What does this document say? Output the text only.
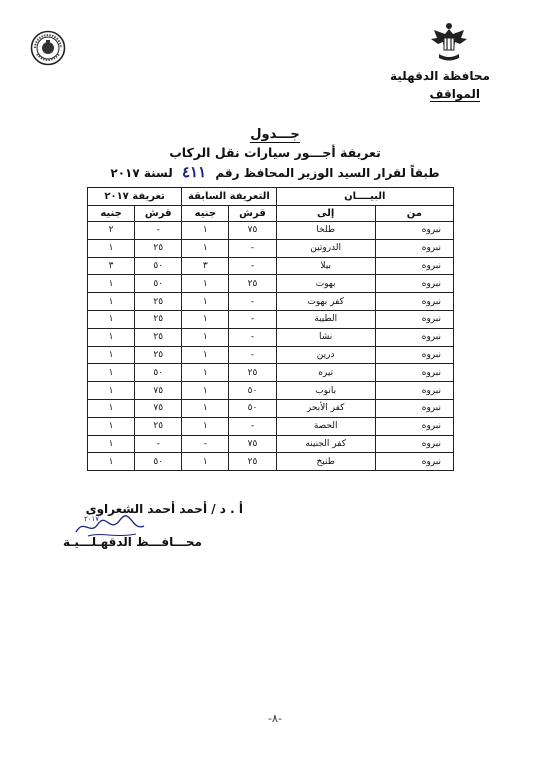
محافظة الدقهلية
المواقف
جـــدول
تعريفة أجـــور سيارات نقل الركاب
طبقاً لقرار السيد الوزير المحافظ رقم ٤١١ لسنة ٢٠١٧
البيــــان		التعريفة السابقة		تعريفة ٢٠١٧	
من	إلى	قرش	جنيه	قرش	جنيه
نبروه	طلخا	٧٥	١	-	٢
نبروه	الدروتين	-	١	٢٥	١
نبروه	بيلا	-	٣	٥٠	٣
نبروه	بهوت	٢٥	١	٥٠	١
نبروه	كفر بهوت	-	١	٢٥	١
نبروه	الطيبة	-	١	٢٥	١
نبروه	نشا	-	١	٢٥	١
نبروه	درين	-	١	٢٥	١
نبروه	تيره	٢٥	١	٥٠	١
نبروه	بانوب	٥٠	١	٧٥	١
نبروه	كفر الأبحر	٥٠	١	٧٥	١
نبروه	الحصة	-	١	٢٥	١
نبروه	كفر الجنينه	٧٥	-	-	١
نبروه	طنيخ	٢٥	١	٥٠	١
أ . د / أحمد أحمد الشعراوى
٢٠١٧
محـــافـــظ الدقهـلـــيـة
-٨-
